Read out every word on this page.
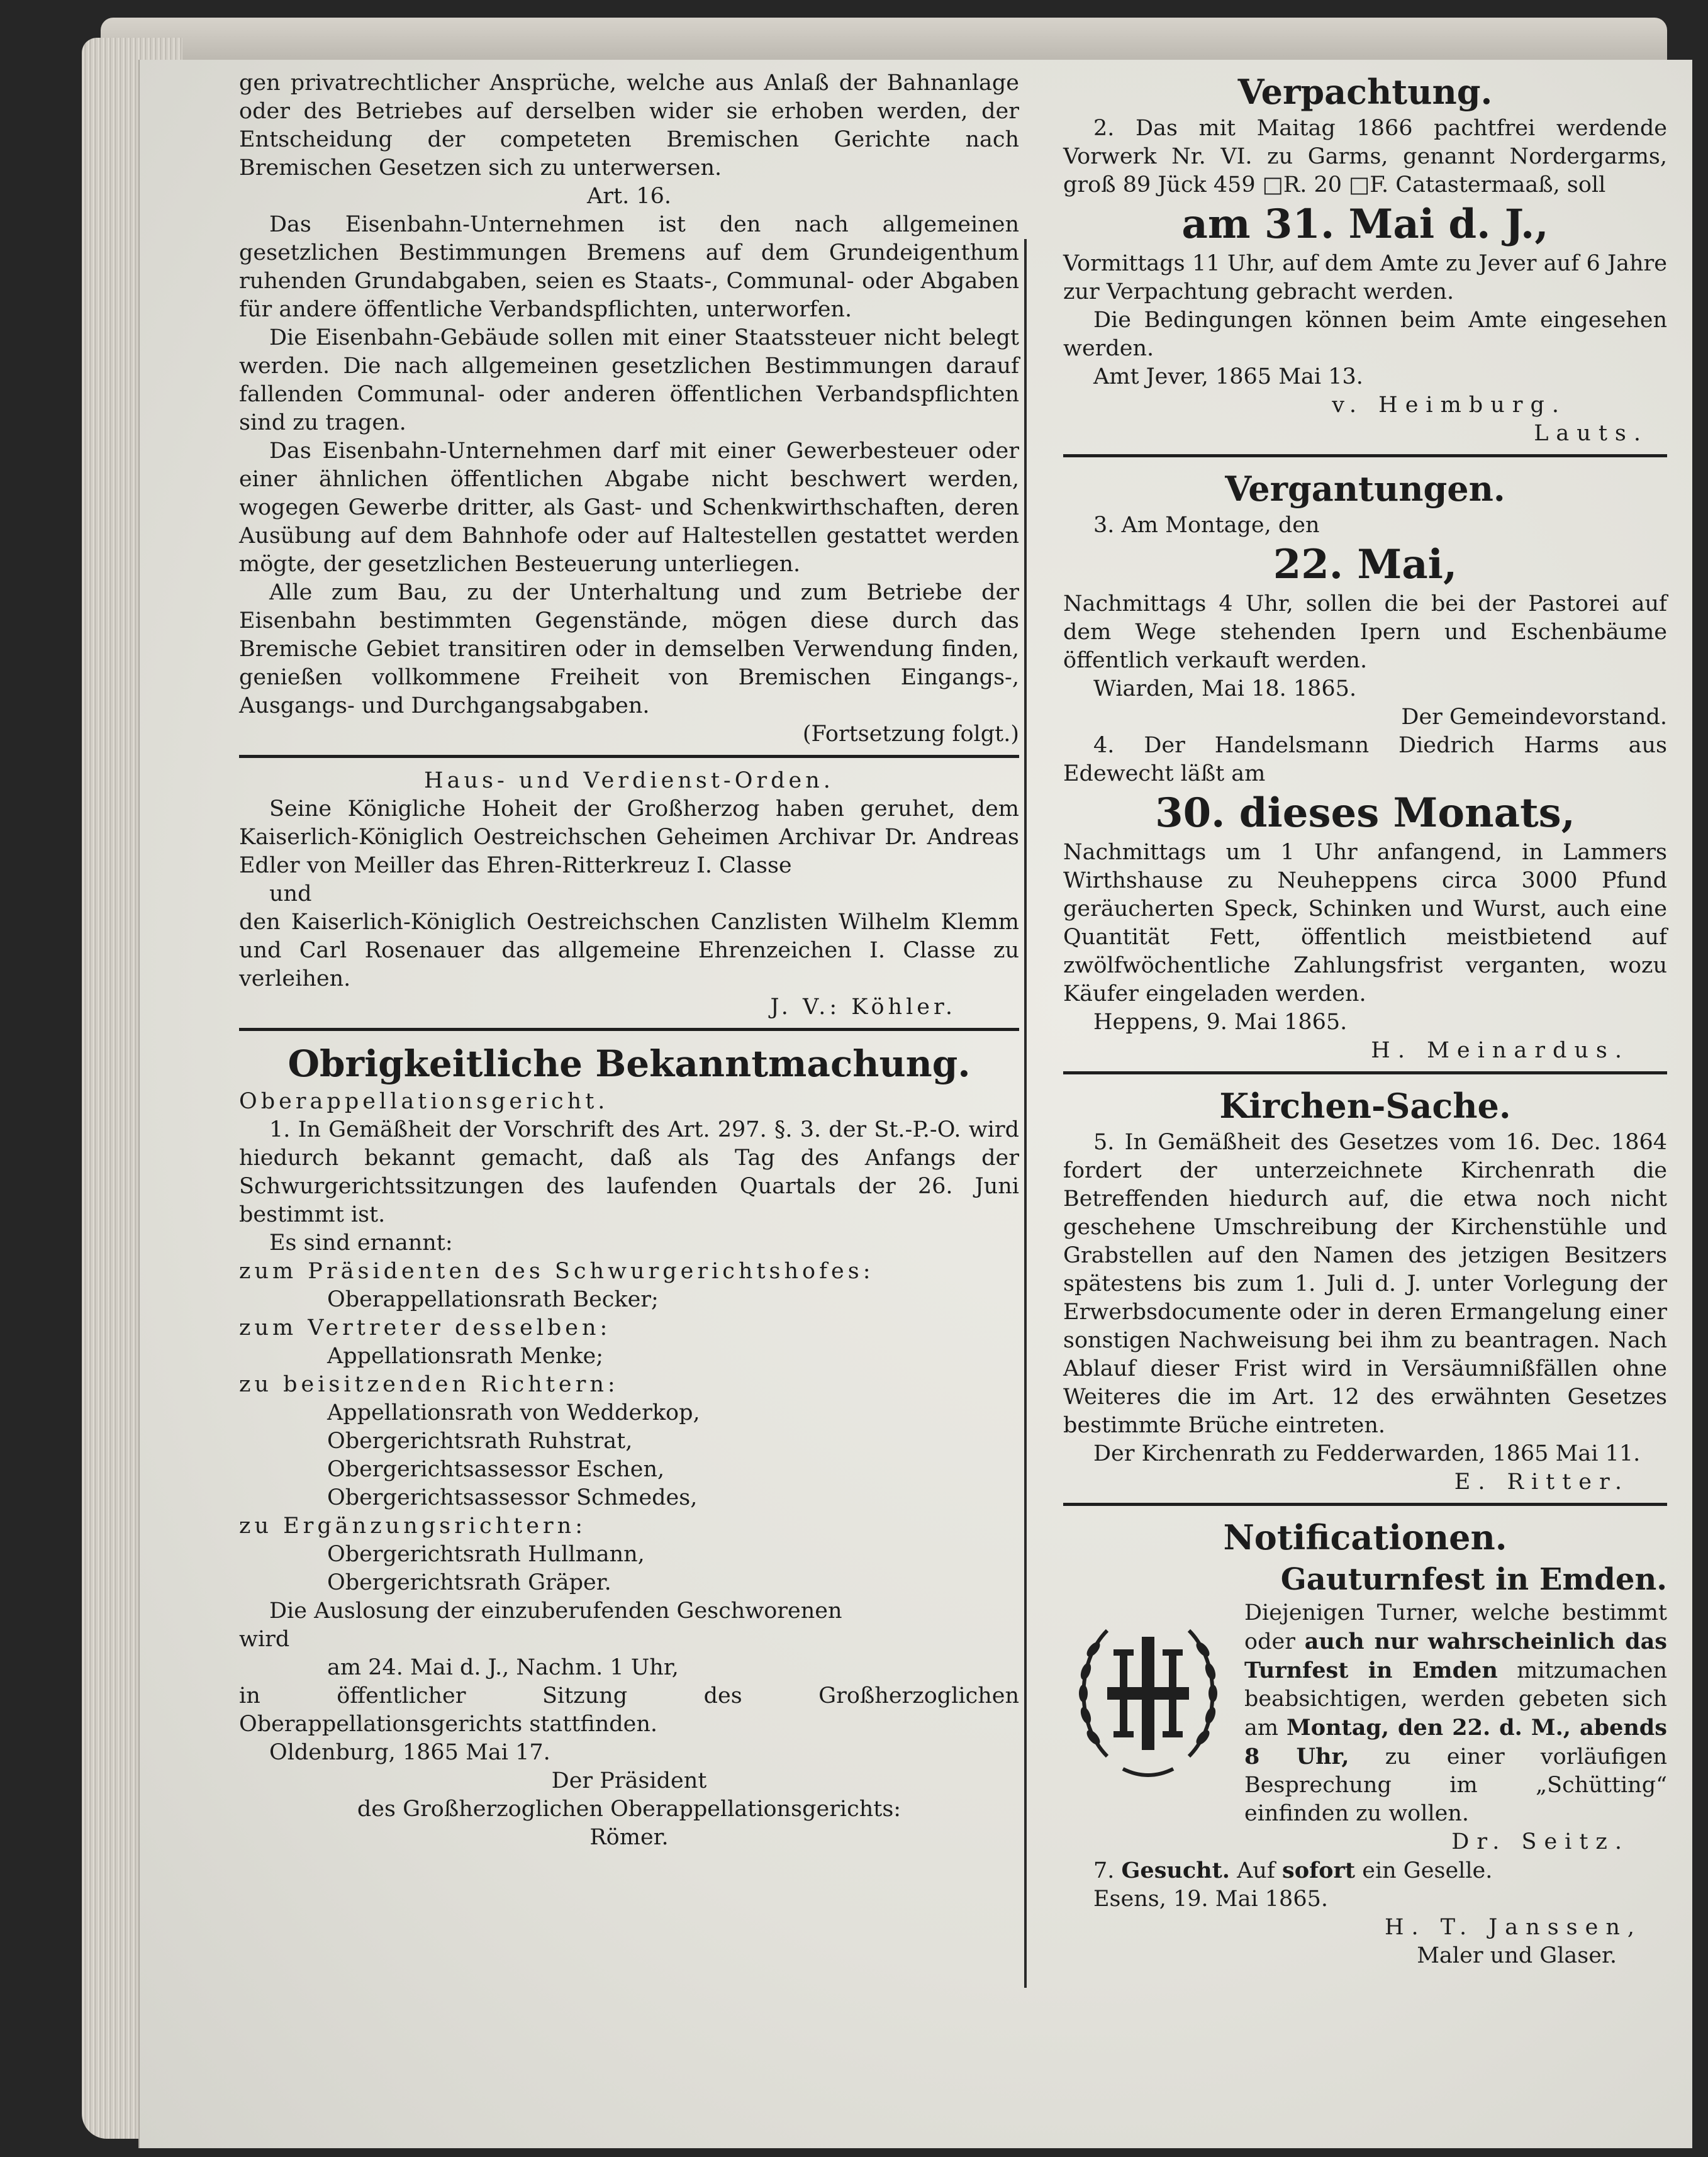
gen privatrechtlicher Ansprüche, welche aus Anlaß der Bahnanlage oder des Betriebes auf derselben wider sie erhoben werden, der Entscheidung der competeten Bremischen Gerichte nach Bremischen Gesetzen sich zu unterwersen.

Art. 16.

Das Eisenbahn-Unternehmen ist den nach allgemeinen gesetzlichen Bestimmungen Bremens auf dem Grundeigenthum ruhenden Grundabgaben, seien es Staats-, Communal- oder Abgaben für andere öffentliche Verbandspflichten, unterworfen.

Die Eisenbahn-Gebäude sollen mit einer Staatssteuer nicht belegt werden. Die nach allgemeinen gesetzlichen Bestimmungen darauf fallenden Communal- oder anderen öffentlichen Verbandspflichten sind zu tragen.

Das Eisenbahn-Unternehmen darf mit einer Gewerbesteuer oder einer ähnlichen öffentlichen Abgabe nicht beschwert werden, wogegen Gewerbe dritter, als Gast- und Schenkwirthschaften, deren Ausübung auf dem Bahnhofe oder auf Haltestellen gestattet werden mögte, der gesetzlichen Besteuerung unterliegen.

Alle zum Bau, zu der Unterhaltung und zum Betriebe der Eisenbahn bestimmten Gegenstände, mögen diese durch das Bremische Gebiet transitiren oder in demselben Verwendung finden, genießen vollkommene Freiheit von Bremischen Eingangs-, Ausgangs- und Durchgangsabgaben.

(Fortsetzung folgt.)

Haus- und Verdienst-Orden.

Seine Königliche Hoheit der Großherzog haben geruhet, dem Kaiserlich-Königlich Oestreichschen Geheimen Archivar Dr. Andreas Edler von Meiller das Ehren-Ritterkreuz I. Classe

und

den Kaiserlich-Königlich Oestreichschen Canzlisten Wilhelm Klemm und Carl Rosenauer das allgemeine Ehrenzeichen I. Classe zu verleihen.

J. V.: Köhler.

Obrigkeitliche Bekanntmachung.

Oberappellationsgericht.

1. In Gemäßheit der Vorschrift des Art. 297. §. 3. der St.-P.-O. wird hiedurch bekannt gemacht, daß als Tag des Anfangs der Schwurgerichtssitzungen des laufenden Quartals der 26. Juni bestimmt ist.

Es sind ernannt:

zum Präsidenten des Schwurgerichtshofes:

Oberappellationsrath Becker;

zum Vertreter desselben:

Appellationsrath Menke;

zu beisitzenden Richtern:

Appellationsrath von Wedderkop,

Obergerichtsrath Ruhstrat,

Obergerichtsassessor Eschen,

Obergerichtsassessor Schmedes,

zu Ergänzungsrichtern:

Obergerichtsrath Hullmann,

Obergerichtsrath Gräper.

Die Auslosung der einzuberufenden Geschworenen

wird

am 24. Mai d. J., Nachm. 1 Uhr,

in öffentlicher Sitzung des Großherzoglichen Oberappellationsgerichts stattfinden.

Oldenburg, 1865 Mai 17.

Der Präsident

des Großherzoglichen Oberappellationsgerichts:

Römer.

Verpachtung.

2. Das mit Maitag 1866 pachtfrei werdende Vorwerk Nr. VI. zu Garms, genannt Nordergarms, groß 89 Jück 459 □R. 20 □F. Catastermaaß, soll

am 31. Mai d. J.,

Vormittags 11 Uhr, auf dem Amte zu Jever auf 6 Jahre zur Verpachtung gebracht werden.

Die Bedingungen können beim Amte eingesehen werden.

Amt Jever, 1865 Mai 13.

v. Heimburg.

Lauts.

Vergantungen.

3. Am Montage, den

22. Mai,

Nachmittags 4 Uhr, sollen die bei der Pastorei auf dem Wege stehenden Ipern und Eschenbäume öffentlich verkauft werden.

Wiarden, Mai 18. 1865.

Der Gemeindevorstand.

4. Der Handelsmann Diedrich Harms aus Edewecht läßt am

30. dieses Monats,

Nachmittags um 1 Uhr anfangend, in Lammers Wirthshause zu Neuheppens circa 3000 Pfund geräucherten Speck, Schinken und Wurst, auch eine Quantität Fett, öffentlich meistbietend auf zwölfwöchentliche Zahlungsfrist verganten, wozu Käufer eingeladen werden.

Heppens, 9. Mai 1865.

H. Meinardus.

Kirchen-Sache.

5. In Gemäßheit des Gesetzes vom 16. Dec. 1864 fordert der unterzeichnete Kirchenrath die Betreffenden hiedurch auf, die etwa noch nicht geschehene Umschreibung der Kirchenstühle und Grabstellen auf den Namen des jetzigen Besitzers spätestens bis zum 1. Juli d. J. unter Vorlegung der Erwerbsdocumente oder in deren Ermangelung einer sonstigen Nachweisung bei ihm zu beantragen. Nach Ablauf dieser Frist wird in Versäumnißfällen ohne Weiteres die im Art. 12 des erwähnten Gesetzes bestimmte Brüche eintreten.

Der Kirchenrath zu Fedderwarden, 1865 Mai 11.

E. Ritter.

Notificationen.

Gauturnfest in Emden.

Diejenigen Turner, welche bestimmt oder auch nur wahrscheinlich das Turnfest in Emden mitzumachen beabsichtigen, werden gebeten sich am Montag, den 22. d. M., abends 8 Uhr, zu einer vorläufigen Besprechung im „Schütting“ einfinden zu wollen.

Dr. Seitz.

7. Gesucht. Auf sofort ein Geselle.

Esens, 19. Mai 1865.

H. T. Janssen,

Maler und Glaser.
